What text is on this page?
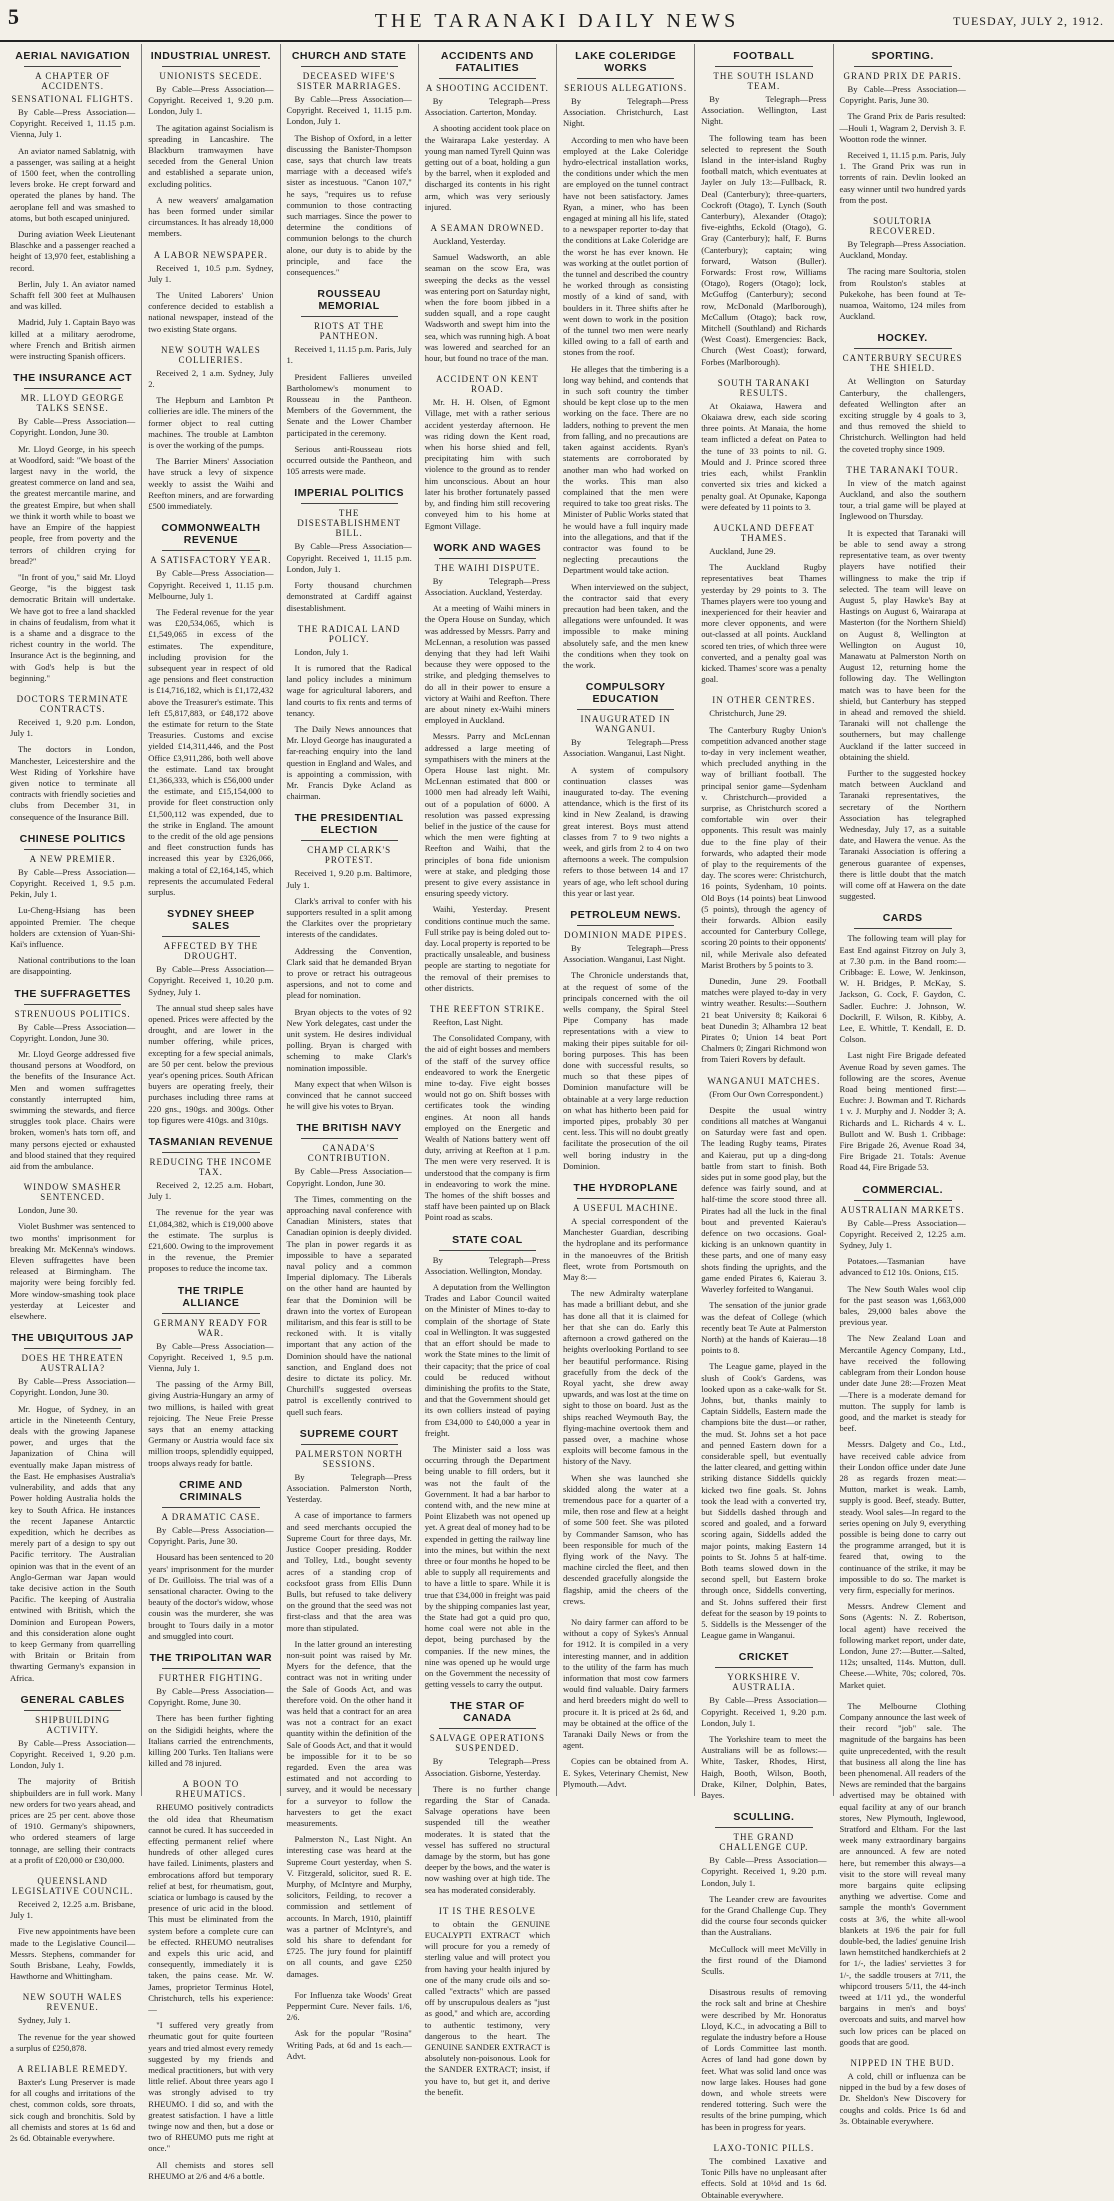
5	THE TARANAKI DAILY NEWS	TUESDAY, JULY 2, 1912.
AERIAL NAVIGATION
A CHAPTER OF ACCIDENTS.
SENSATIONAL FLIGHTS.

By Cable—Press Association—Copyright. Received 1, 11.15 p.m. Vienna, July 1.

An aviator named Sablatnig, with a passenger, was sailing at a height of 1500 feet, when the controlling levers broke. He crept forward and operated the planes by hand. The aeroplane fell and was smashed to atoms, but both escaped uninjured.

During aviation Week Lieutenant Blaschke and a passenger reached a height of 13,970 feet, establishing a record.

Berlin, July 1. An aviator named Schafft fell 300 feet at Mulhausen and was killed.

Madrid, July 1. Captain Bayo was killed at a military aerodrome, where French and British airmen were instructing Spanish officers.

THE INSURANCE ACT
MR. LLOYD GEORGE TALKS SENSE.

By Cable—Press Association—Copyright. London, June 30.

Mr. Lloyd George, in his speech at Woodford, said: "We boast of the largest navy in the world, the greatest commerce on land and sea, the greatest mercantile marine, and the greatest Empire, but when shall we think it worth while to boast we have an Empire of the happiest people, free from poverty and the terrors of children crying for bread?"

"In front of you," said Mr. Lloyd George, "is the biggest task democratic Britain will undertake. We have got to free a land shackled in chains of feudalism, from what it is a shame and a disgrace to the richest country in the world. The Insurance Act is the beginning, and with God's help is but the beginning."

DOCTORS TERMINATE CONTRACTS.

Received 1, 9.20 p.m. London, July 1.

The doctors in London, Manchester, Leicestershire and the West Riding of Yorkshire have given notice to terminate all contracts with friendly societies and clubs from December 31, in consequence of the Insurance Bill.

CHINESE POLITICS
A NEW PREMIER.

By Cable—Press Association—Copyright. Received 1, 9.5 p.m. Pekin, July 1.

Lu-Cheng-Hsiang has been appointed Premier. The cheque holders are cxtension of Yuan-Shi-Kai's influence.

National contributions to the loan are disappointing.

THE SUFFRAGETTES
STRENUOUS POLITICS.

By Cable—Press Association—Copyright. London, June 30.

Mr. Lloyd George addressed five thousand persons at Woodford, on the benefits of the Insurance Act. Men and women suffragettes constantly interrupted him, swimming the stewards, and fierce struggles took place. Chairs were broken, women's hats torn off, and many persons ejected or exhausted and blood stained that they required aid from the ambulance.

WINDOW SMASHER SENTENCED.

London, June 30.

Violet Bushmer was sentenced to two months' imprisonment for breaking Mr. McKenna's windows. Eleven suffragettes have been released at Birmingham. The majority were being forcibly fed. More window-smashing took place yesterday at Leicester and elsewhere.

THE UBIQUITOUS JAP
DOES HE THREATEN AUSTRALIA?

By Cable—Press Association—Copyright. London, June 30.

Mr. Hogue, of Sydney, in an article in the Nineteenth Century, deals with the growing Japanese power, and urges that the Japanization of China will eventually make Japan mistress of the East. He emphasises Australia's vulnerability, and adds that any Power holding Australia holds the key to South Africa. He instances the recent Japanese Antarctic expedition, which he decribes as merely part of a design to spy out Pacific territory. The Australian opinion was that in the event of an Anglo-German war Japan would take decisive action in the South Pacific. The keeping of Australia entwined with British, which the Dominion and European Powers, and this consideration alone ought to keep Germany from quarrelling with Britain or Britain from thwarting Germany's expansion in Africa.

GENERAL CABLES
SHIPBUILDING ACTIVITY.

By Cable—Press Association—Copyright. Received 1, 9.20 p.m. London, July 1.

The majority of British shipbuilders are in full work. Many new orders for two years ahead, and prices are 25 per cent. above those of 1910. Germany's shipowners, who ordered steamers of large tonnage, are selling their contracts at a profit of £20,000 or £30,000.

QUEENSLAND LEGISLATIVE COUNCIL.

Received 2, 12.25 a.m. Brisbane, July 1.

Five new appointments have been made to the Legislative Council—Messrs. Stephens, commander for South Brisbane, Leahy, Fowlds, Hawthorne and Whittingham.

NEW SOUTH WALES REVENUE.

Sydney, July 1.

The revenue for the year showed a surplus of £250,878.

A RELIABLE REMEDY.

Baxter's Lung Preserver is made for all coughs and irritations of the chest, common colds, sore throats, sick cough and bronchitis. Sold by all chemists and stores at 1s 6d and 2s 6d. Obtainable everywhere.

INDUSTRIAL UNREST.
UNIONISTS SECEDE.

By Cable—Press Association—Copyright. Received 1, 9.20 p.m. London, July 1.

The agitation against Socialism is spreading in Lancashire. The Blackburn tramwaymen have seceded from the General Union and established a separate union, excluding politics.

A new weavers' amalgamation has been formed under similar circumstances. It has already 18,000 members.

A LABOR NEWSPAPER.

Received 1, 10.5 p.m. Sydney, July 1.

The United Laborers' Union conference decided to establish a national newspaper, instead of the two existing State organs.

NEW SOUTH WALES COLLIERIES.

Received 2, 1 a.m. Sydney, July 2.

The Hepburn and Lambton Pt collieries are idle. The miners of the former object to real cutting machines. The trouble at Lambton is over the working of the pumps.

The Barrier Miners' Association have struck a levy of sixpence weekly to assist the Waihi and Reefton miners, and are forwarding £500 immediately.

COMMONWEALTH REVENUE
A SATISFACTORY YEAR.

By Cable—Press Association—Copyright. Received 1, 11.15 p.m. Melbourne, July 1.

The Federal revenue for the year was £20,534,065, which is £1,549,065 in excess of the estimates. The expenditure, including provision for the subsequent year in respect of old age pensions and fleet construction is £14,716,182, which is £1,172,432 above the Treasurer's estimate. This left £5,817,883, or £48,172 above the estimate for return to the State Treasuries. Customs and excise yielded £14,311,446, and the Post Office £3,911,286, both well above the estimate. Land tax brought £1,366,333, which is £56,000 under the estimate, and £15,154,000 to provide for fleet construction only £1,500,112 was expended, due to the strike in England. The amount to the credit of the old age pensions and fleet construction funds has increased this year by £326,066, making a total of £2,164,145, which represents the accumulated Federal surplus.

SYDNEY SHEEP SALES
AFFECTED BY THE DROUGHT.

By Cable—Press Association—Copyright. Received 1, 10.20 p.m. Sydney, July 1.

The annual stud sheep sales have opened. Prices were affected by the drought, and are lower in the number offering, while prices, excepting for a few special animals, are 50 per cent. below the previous year's opening prices. South African buyers are operating freely, their purchases including three rams at 220 gns., 190gs. and 300gs. Other top figures were 410gs. and 310gs.

TASMANIAN REVENUE
REDUCING THE INCOME TAX.

Received 2, 12.25 a.m. Hobart, July 1.

The revenue for the year was £1,084,382, which is £19,000 above the estimate. The surplus is £21,600. Owing to the improvement in the revenue, the Premier proposes to reduce the income tax.

THE TRIPLE ALLIANCE
GERMANY READY FOR WAR.

By Cable—Press Association—Copyright. Received 1, 9.5 p.m. Vienna, July 1.

The passing of the Army Bill, giving Austria-Hungary an army of two millions, is hailed with great rejoicing. The Neue Freie Presse says that an enemy attacking Germany or Austria would face six million troops, splendidly equipped, troops always ready for battle.

CRIME AND CRIMINALS
A DRAMATIC CASE.

By Cable—Press Association—Copyright. Paris, June 30.

Housard has been sentenced to 20 years' imprisonment for the murder of Dr. Guilloiss. The trial was of a sensational character. Owing to the beauty of the doctor's widow, whose cousin was the murderer, she was brought to Tours daily in a motor and smuggled into court.

THE TRIPOLITAN WAR
FURTHER FIGHTING.

By Cable—Press Association—Copyright. Rome, June 30.

There has been further fighting on the Sidigidi heights, where the Italians carried the entrenchments, killing 200 Turks. Ten Italians were killed and 78 injured.

A BOON TO RHEUMATICS.

RHEUMO positively contradicts the old idea that Rheumatism cannot be cured. It has succeeded in effecting permanent relief where hundreds of other alleged cures have failed. Liniments, plasters and embrocations afford but temporary relief at best, for rheumatism, gout, sciatica or lumbago is caused by the presence of uric acid in the blood. This must be eliminated from the system before a complete cure can be effected. RHEUMO neutralises and expels this uric acid, and consequently, immediately it is taken, the pains cease. Mr. W. James, proprietor Terminus Hotel, Christchurch, tells his experience:—

"I suffered very greatly from rheumatic gout for quite fourteen years and tried almost every remedy suggested by my friends and medical practitioners, but with very little relief. About three years ago I was strongly advised to try RHEUMO. I did so, and with the greatest satisfaction. I have a little twinge now and then, but a dose or two of RHEUMO puts me right at once."

All chemists and stores sell RHEUMO at 2/6 and 4/6 a bottle.

CHURCH AND STATE
DECEASED WIFE'S SISTER MARRIAGES.

By Cable—Press Association—Copyright. Received 1, 11.15 p.m. London, July 1.

The Bishop of Oxford, in a letter discussing the Banister-Thompson case, says that church law treats marriage with a deceased wife's sister as incestuous. "Canon 107," he says, "requires us to refuse communion to those contracting such marriages. Since the power to determine the conditions of communion belongs to the church alone, our duty is to abide by the principle, and face the consequences."

ROUSSEAU MEMORIAL
RIOTS AT THE PANTHEON.

Received 1, 11.15 p.m. Paris, July 1.

President Fallieres unveiled Bartholomew's monument to Rousseau in the Pantheon. Members of the Government, the Senate and the Lower Chamber participated in the ceremony.

Serious anti-Rousseau riots occurred outside the Pantheon, and 105 arrests were made.

IMPERIAL POLITICS
THE DISESTABLISHMENT BILL.

By Cable—Press Association—Copyright. Received 1, 11.15 p.m. London, July 1.

Forty thousand churchmen demonstrated at Cardiff against disestablishment.

THE RADICAL LAND POLICY.

London, July 1.

It is rumored that the Radical land policy includes a minimum wage for agricultural laborers, and land courts to fix rents and terms of tenancy.

The Daily News announces that Mr. Lloyd George has inaugurated a far-reaching enquiry into the land question in England and Wales, and is appointing a commission, with Mr. Francis Dyke Acland as chairman.

THE PRESIDENTIAL ELECTION
CHAMP CLARK'S PROTEST.

Received 1, 9.20 p.m. Baltimore, July 1.

Clark's arrival to confer with his supporters resulted in a split among the Clarkites over the proprietary interests of the candidates.

Addressing the Convention, Clark said that he demanded Bryan to prove or retract his outrageous aspersions, and not to come and plead for nomination.

Bryan objects to the votes of 92 New York delegates, cast under the unit system. He desires individual polling. Bryan is charged with scheming to make Clark's nomination impossible.

Many expect that when Wilson is convinced that he cannot succeed he will give his votes to Bryan.

THE BRITISH NAVY
CANADA'S CONTRIBUTION.

By Cable—Press Association—Copyright. London, June 30.

The Times, commenting on the approaching naval conference with Canadian Ministers, states that Canadian opinion is deeply divided. The plan in power regards it as impossible to have a separated naval policy and a common Imperial diplomacy. The Liberals on the other hand are haunted by fear that the Dominion will be drawn into the vortex of European militarism, and this fear is still to be reckoned with. It is vitally important that any action of the Dominion should have the national sanction, and England does not desire to dictate its policy. Mr. Churchill's suggested overseas patrol is excellently contrived to quell such fears.

SUPREME COURT
PALMERSTON NORTH SESSIONS.

By Telegraph—Press Association. Palmerston North, Yesterday.

A case of importance to farmers and seed merchants occupied the Supreme Court for three days, Mr. Justice Cooper presiding. Rodder and Tolley, Ltd., bought seventy acres of a standing crop of cocksfoot grass from Ellis Dunn Bulls, but refused to take delivery on the ground that the seed was not first-class and that the area was more than stipulated.

In the latter ground an interesting non-suit point was raised by Mr. Myers for the defence, that the contract was not in writing under the Sale of Goods Act, and was therefore void. On the other hand it was held that a contract for an area was not a contract for an exact quantity within the definition of the Sale of Goods Act, and that it would be impossible for it to be so regarded. Even the area was estimated and not according to survey, and it would be necessary for a surveyor to follow the harvesters to get the exact measurements.

Palmerston N., Last Night. An interesting case was heard at the Supreme Court yesterday, when S. V. Fitzgerald, solicitor, sued R. E. Murphy, of McIntyre and Murphy, solicitors, Feilding, to recover a commission and settlement of accounts. In March, 1910, plaintiff was a partner of McIntyre's, and sold his share to defendant for £725. The jury found for plaintiff on all counts, and gave £250 damages.

For Influenza take Woods' Great Peppermint Cure. Never fails. 1/6, 2/6.

Ask for the popular "Rosina" Writing Pads, at 6d and 1s each.—Advt.

ACCIDENTS AND FATALITIES
A SHOOTING ACCIDENT.

By Telegraph—Press Association. Carterton, Monday.

A shooting accident took place on the Wairarapa Lake yesterday. A young man named Tyrell Quinn was getting out of a boat, holding a gun by the barrel, when it exploded and discharged its contents in his right arm, which was very seriously injured.

A SEAMAN DROWNED.

Auckland, Yesterday.

Samuel Wadsworth, an able seaman on the scow Era, was sweeping the decks as the vessel was entering port on Saturday night, when the fore boom jibbed in a sudden squall, and a rope caught Wadsworth and swept him into the sea, which was running high. A boat was lowered and searched for an hour, but found no trace of the man.

ACCIDENT ON KENT ROAD.

Mr. H. H. Olsen, of Egmont Village, met with a rather serious accident yesterday afternoon. He was riding down the Kent road, when his horse shied and fell, precipitating him with such violence to the ground as to render him unconscious. About an hour later his brother fortunately passed by, and finding him still recovering conveyed him to his home at Egmont Village.

WORK AND WAGES
THE WAIHI DISPUTE.

By Telegraph—Press Association. Auckland, Yesterday.

At a meeting of Waihi miners in the Opera House on Sunday, which was addressed by Messrs. Parry and McLennan, a resolution was passed denying that they had left Waihi because they were opposed to the strike, and pledging themselves to do all in their power to ensure a victory at Waihi and Reefton. There are about ninety ex-Waihi miners employed in Auckland.

Messrs. Parry and McLennan addressed a large meeting of sympathisers with the miners at the Opera House last night. Mr. McLennan estimated that 800 or 1000 men had already left Waihi, out of a population of 6000. A resolution was passed expressing belief in the justice of the cause for which the men were fighting at Reefton and Waihi, that the principles of bona fide unionism were at stake, and pledging those present to give every assistance in ensuring speedy victory.

Waihi, Yesterday. Present conditions continue much the same. Full strike pay is being doled out to-day. Local property is reported to be practically unsaleable, and business people are starting to negotiate for the removal of their premises to other districts.

THE REEFTON STRIKE.

Reefton, Last Night.

The Consolidated Company, with the aid of eight bosses and members of the staff of the survey office endeavored to work the Energetic mine to-day. Five eight bosses would not go on. Shift bosses with certificates took the winding engines. At noon all hands employed on the Energetic and Wealth of Nations battery went off duty, arriving at Reefton at 1 p.m. The men were very reserved. It is understood that the company is firm in endeavoring to work the mine. The homes of the shift bosses and staff have been painted up on Black Point road as scabs.

STATE COAL

By Telegraph—Press Association. Wellington, Monday.

A deputation from the Wellington Trades and Labor Council waited on the Minister of Mines to-day to complain of the shortage of State coal in Wellington. It was suggested that an effort should be made to work the State mines to the limit of their capacity; that the price of coal could be reduced without diminishing the profits to the State, and that the Government should get its own colliers instead of paying from £34,000 to £40,000 a year in freight.

The Minister said a loss was occurring through the Department being unable to fill orders, but it was not the fault of the Government. It had a bar harbor to contend with, and the new mine at Point Elizabeth was not opened up yet. A great deal of money had to be expended in getting the railway line into the mines, but within the next three or four months he hoped to be able to supply all requirements and to have a little to spare. While it is true that £34,000 in freight was paid by the shipping companies last year, the State had got a quid pro quo, home coal were not able in the depot, being purchased by the companies. If the new mines, the nine was opened up he would urge on the Government the necessity of getting vessels to carry the output.

THE STAR OF CANADA
SALVAGE OPERATIONS SUSPENDED.

By Telegraph—Press Association. Gisborne, Yesterday.

There is no further change regarding the Star of Canada. Salvage operations have been suspended till the weather moderates. It is stated that the vessel has suffered no structural damage by the storm, but has gone deeper by the bows, and the water is now washing over at high tide. The sea has moderated considerably.

IT IS THE RESOLVE

to obtain the GENUINE EUCALYPTI EXTRACT which will procure for you a remedy of sterling value and will protect you from having your health injured by one of the many crude oils and so-called "extracts" which are passed off by unscrupulous dealers as "just as good," and which are, according to authentic testimony, very dangerous to the heart. The GENUINE SANDER EXTRACT is absolutely non-poisonous. Look for the SANDER EXTRACT; insist, if you have to, but get it, and derive the benefit.

LAKE COLERIDGE WORKS
SERIOUS ALLEGATIONS.

By Telegraph—Press Association. Christchurch, Last Night.

According to men who have been employed at the Lake Coleridge hydro-electrical installation works, the conditions under which the men are employed on the tunnel contract have not been satisfactory. James Ryan, a miner, who has been engaged at mining all his life, stated to a newspaper reporter to-day that the conditions at Lake Coleridge are the worst he has ever known. He was working at the outlet portion of the tunnel and described the country he worked through as consisting mostly of a kind of sand, with boulders in it. Three shifts after he went down to work in the position of the tunnel two men were nearly killed owing to a fall of earth and stones from the roof.

He alleges that the timbering is a long way behind, and contends that in such soft country the timber should be kept close up to the men working on the face. There are no ladders, nothing to prevent the men from falling, and no precautions are taken against accidents. Ryan's statements are corroborated by another man who had worked on the works. This man also complained that the men were required to take too great risks. The Minister of Public Works stated that he would have a full inquiry made into the allegations, and that if the contractor was found to be neglecting precautions the Department would take action.

When interviewed on the subject, the contractor said that every precaution had been taken, and the allegations were unfounded. It was impossible to make mining absolutely safe, and the men knew the conditions when they took on the work.

COMPULSORY EDUCATION
INAUGURATED IN WANGANUI.

By Telegraph—Press Association. Wanganui, Last Night.

A system of compulsory continuation classes was inaugurated to-day. The evening attendance, which is the first of its kind in New Zealand, is drawing great interest. Boys must attend classes from 7 to 9 two nights a week, and girls from 2 to 4 on two afternoons a week. The compulsion refers to those between 14 and 17 years of age, who left school during this year or last year.

PETROLEUM NEWS.
DOMINION MADE PIPES.

By Telegraph—Press Association. Wanganui, Last Night.

The Chronicle understands that, at the request of some of the principals concerned with the oil wells company, the Spiral Steel Pipe Company has made representations with a view to making their pipes suitable for oil-boring purposes. This has been done with successful results, so much so that these pipes of Dominion manufacture will be obtainable at a very large reduction on what has hitherto been paid for imported pipes, probably 30 per cent. less. This will no doubt greatly facilitate the prosecution of the oil well boring industry in the Dominion.

THE HYDROPLANE
A USEFUL MACHINE.

A special correspondent of the Manchester Guardian, describing the hydroplane and its performance in the manoeuvres of the British fleet, wrote from Portsmouth on May 8:—

The new Admiralty waterplane has made a brilliant debut, and she has done all that it is claimed for her that she can do. Early this afternoon a crowd gathered on the heights overlooking Portland to see her beautiful performance. Rising gracefully from the deck of the Royal yacht, she drew away upwards, and was lost at the time on sight to those on board. Just as the ships reached Weymouth Bay, the flying-machine overtook them and passed over, a machine whose exploits will become famous in the history of the Navy.

When she was launched she skidded along the water at a tremendous pace for a quarter of a mile, then rose and flew at a height of some 500 feet. She was piloted by Commander Samson, who has been responsible for much of the flying work of the Navy. The machine circled the fleet, and then descended gracefully alongside the flagship, amid the cheers of the crews.

No dairy farmer can afford to be without a copy of Sykes's Annual for 1912. It is compiled in a very interesting manner, and in addition to the utility of the farm has much information that most cow farmers would find valuable. Dairy farmers and herd breeders might do well to procure it. It is priced at 2s 6d, and may be obtained at the office of the Taranaki Daily News or from the agent.

Copies can be obtained from A. E. Sykes, Veterinary Chemist, New Plymouth.—Advt.

FOOTBALL
THE SOUTH ISLAND TEAM.

By Telegraph—Press Association. Wellington, Last Night.

The following team has been selected to represent the South Island in the inter-island Rugby football match, which eventuates at Jayler on July 13:—Fullback, R. Deal (Canterbury); three-quarters, Cockroft (Otago), T. Lynch (South Canterbury), Alexander (Otago); five-eighths, Eckold (Otago), G. Gray (Canterbury); half, F. Burns (Canterbury); captain; wing forward, Watson (Buller). Forwards: Frost row, Williams (Otago), Rogers (Otago); lock, McGuffog (Canterbury); second row, McDonald (Marlborough), McCallum (Otago); back row, Mitchell (Southland) and Richards (West Coast). Emergencies: Back, Church (West Coast); forward, Forbes (Marlborough).

SOUTH TARANAKI RESULTS.

At Okaiawa, Hawera and Okaiawa drew, each side scoring three points. At Manaia, the home team inflicted a defeat on Patea to the tune of 33 points to nil. G. Mould and J. Prince scored three tries each, whilst Franklin converted six tries and kicked a penalty goal. At Opunake, Kaponga were defeated by 11 points to 3.

AUCKLAND DEFEAT THAMES.

Auckland, June 29.

The Auckland Rugby representatives beat Thames yesterday by 29 points to 3. The Thames players were too young and inexperienced for their heavier and more clever opponents, and were out-classed at all points. Auckland scored ten tries, of which three were converted, and a penalty goal was kicked. Thames' score was a penalty goal.

IN OTHER CENTRES.

Christchurch, June 29.

The Canterbury Rugby Union's competition advanced another stage to-day in very inclement weather, which precluded anything in the way of brilliant football. The principal senior game—Sydenham v. Christchurch—provided a surprise, as Christchurch scored a comfortable win over their opponents. This result was mainly due to the fine play of their forwards, who adapted their mode of play to the requirements of the day. The scores were: Christchurch, 16 points, Sydenham, 10 points. Old Boys (14 points) beat Linwood (5 points), through the agency of their forwards. Albion easily accounted for Canterbury College, scoring 20 points to their opponents' nil, while Merivale also defeated Marist Brothers by 5 points to 3.

Dunedin, June 29. Football matches were played to-day in very wintry weather. Results:—Southern 21 beat University 8; Kaikorai 6 beat Dunedin 3; Alhambra 12 beat Pirates 0; Union 14 beat Port Chalmers 0; Zingari Richmond won from Taieri Rovers by default.

WANGANUI MATCHES.

(From Our Own Correspondent.)

Despite the usual wintry conditions all matches at Wanganui on Saturday were fast and open. The leading Rugby teams, Pirates and Kaierau, put up a ding-dong battle from start to finish. Both sides put in some good play, but the defence was fairly sound, and at half-time the score stood three all. Pirates had all the luck in the final bout and prevented Kaierau's defence on two occasions. Goal-kicking is an unknown quantity in these parts, and one of many easy shots finding the uprights, and the game ended Pirates 6, Kaierau 3. Waverley forfeited to Wanganui.

The sensation of the junior grade was the defeat of College (which recently beat Te Aute at Palmerston North) at the hands of Kaierau—18 points to 8.

The League game, played in the slush of Cook's Gardens, was looked upon as a cake-walk for St. Johns, but, thanks mainly to Captain Siddells, Eastern made the champions bite the dust—or rather, the mud. St. Johns set a hot pace and penned Eastern down for a considerable spell, but eventually the latter cleared, and getting within striking distance Siddells quickly kicked two fine goals. St. Johns took the lead with a converted try, but Siddells dashed through and scored and goaled, and a forward scoring again, Siddells added the major points, making Eastern 14 points to St. Johns 5 at half-time. Both teams slowed down in the second spell, but Eastern broke through once, Siddells converting, and St. Johns suffered their first defeat for the season by 19 points to 5. Siddells is the Messenger of the League game in Wanganui.

CRICKET
YORKSHIRE V. AUSTRALIA.

By Cable—Press Association—Copyright. Received 1, 9.20 p.m. London, July 1.

The Yorkshire team to meet the Australians will be as follows:—White, Tasker, Rhodes, Hirst, Haigh, Booth, Wilson, Booth, Drake, Kilner, Dolphin, Bates, Bayes.

SCULLING.
THE GRAND CHALLENGE CUP.

By Cable—Press Association—Copyright. Received 1, 9.20 p.m. London, July 1.

The Leander crew are favourites for the Grand Challenge Cup. They did the course four seconds quicker than the Australians.

McCullock will meet McVilly in the first round of the Diamond Sculls.

Disastrous results of removing the rock salt and brine at Cheshire were described by Mr. Honoratus Lloyd, K.C., in advocating a Bill to regulate the industry before a House of Lords Committee last month. Acres of land had gone down by feet. What was solid land once was now large lakes. Houses had gone down, and whole streets were rendered tottering. Such were the results of the brine pumping, which has been in progress for years.

LAXO-TONIC PILLS.

The combined Laxative and Tonic Pills have no unpleasant after effects. Sold at 10½d and 1s 6d. Obtainable everywhere.

SPORTING.
GRAND PRIX DE PARIS.

By Cable—Press Association—Copyright. Paris, June 30.

The Grand Prix de Paris resulted:—Houli 1, Wagram 2, Dervish 3. F. Wootton rode the winner.

Received 1, 11.15 p.m. Paris, July 1. The Grand Prix was run in torrents of rain. Devlin looked an easy winner until two hundred yards from the post.

SOULTORIA RECOVERED.

By Telegraph—Press Association. Auckland, Monday.

The racing mare Soultoria, stolen from Roulston's stables at Pukekohe, has been found at Te-nuamoa, Waitomo, 124 miles from Auckland.

HOCKEY.
CANTERBURY SECURES THE SHIELD.

At Wellington on Saturday Canterbury, the challengers, defeated Wellington after an exciting struggle by 4 goals to 3, and thus removed the shield to Christchurch. Wellington had held the coveted trophy since 1909.

THE TARANAKI TOUR.

In view of the match against Auckland, and also the southern tour, a trial game will be played at Inglewood on Thursday.

It is expected that Taranaki will be able to send away a strong representative team, as over twenty players have notified their willingness to make the trip if selected. The team will leave on August 5, play Hawke's Bay at Hastings on August 6, Wairarapa at Masterton (for the Northern Shield) on August 8, Wellington at Wellington on August 10, Manawatu at Palmerston North on August 12, returning home the following day. The Wellington match was to have been for the shield, but Canterbury has stepped in ahead and removed the shield. Taranaki will not challenge the southerners, but may challenge Auckland if the latter succeed in obtaining the shield.

Further to the suggested hockey match between Auckland and Taranaki representatives, the secretary of the Northern Association has telegraphed Wednesday, July 17, as a suitable date, and Hawera the venue. As the Taranaki Association is offering a generous guarantee of expenses, there is little doubt that the match will come off at Hawera on the date suggested.

CARDS

The following team will play for East End against Fitzroy on July 3, at 7.30 p.m. in the Band room:—Cribbage: E. Lowe, W. Jenkinson, W. H. Bridges, P. McKay, S. Jackson, G. Cock, F. Gaydon, C. Sadler. Euchre: J. Johnson, W. Dockrill, F. Wilson, R. Kibby, A. Lee, E. Whittle, T. Kendall, E. D. Colson.

Last night Fire Brigade defeated Avenue Road by seven games. The following are the scores, Avenue Road being mentioned first:—Euchre: J. Bowman and T. Richards 1 v. J. Murphy and J. Nodder 3; A. Richards and L. Richards 4 v. L. Bullott and W. Bush 1. Cribbage: Fire Brigade 26, Avenue Road 34, Fire Brigade 21. Totals: Avenue Road 44, Fire Brigade 53.

COMMERCIAL.
AUSTRALIAN MARKETS.

By Cable—Press Association—Copyright. Received 2, 12.25 a.m. Sydney, July 1.

Potatoes.—Tasmanian have advanced to £12 10s. Onions, £15.

The New South Wales wool clip for the past season was 1,663,000 bales, 29,000 bales above the previous year.

The New Zealand Loan and Mercantile Agency Company, Ltd., have received the following cablegram from their London house under date June 28:—Frozen Meat—There is a moderate demand for mutton. The supply for lamb is good, and the market is steady for beef.

Messrs. Dalgety and Co., Ltd., have received cable advice from their London office under date June 28 as regards frozen meat:—Mutton, market is weak. Lamb, supply is good. Beef, steady. Butter, steady. Wool sales—In regard to the series opening on July 9, everything possible is being done to carry out the programme arranged, but it is feared that, owing to the continuance of the strike, it may be impossible to do so. The market is very firm, especially for merinos.

Messrs. Andrew Clement and Sons (Agents: N. Z. Robertson, local agent) have received the following market report, under date, London, June 27:—Butter.—Salted, 112s; unsalted, 114s. Mutton, dull. Cheese.—White, 70s; colored, 70s. Market quiet.

The Melbourne Clothing Company announce the last week of their record "job" sale. The magnitude of the bargains has been quite unprecedented, with the result that business all along the line has been phenomenal. All readers of the News are reminded that the bargains advertised may be obtained with equal facility at any of our branch stores, New Plymouth, Inglewood, Stratford and Eltham. For the last week many extraordinary bargains are announced. A few are noted here, but remember this always—a visit to the store will reveal many more bargains quite eclipsing anything we advertise. Come and sample the month's Government costs at 3/6, the white all-wool blankets at 19/6 the pair for full double-bed, the ladies' genuine Irish lawn hemstitched handkerchiefs at 2 for 1/-, the ladies' serviettes 3 for 1/-, the saddle trousers at 7/11, the whipcord trousers 5/11, the 44-inch tweed at 1/11 yd., the wonderful bargains in men's and boys' overcoats and suits, and marvel how such low prices can be placed on goods that are good.

NIPPED IN THE BUD.

A cold, chill or influenza can be nipped in the bud by a few doses of Dr. Sheldon's New Discovery for coughs and colds. Price 1s 6d and 3s. Obtainable everywhere.
